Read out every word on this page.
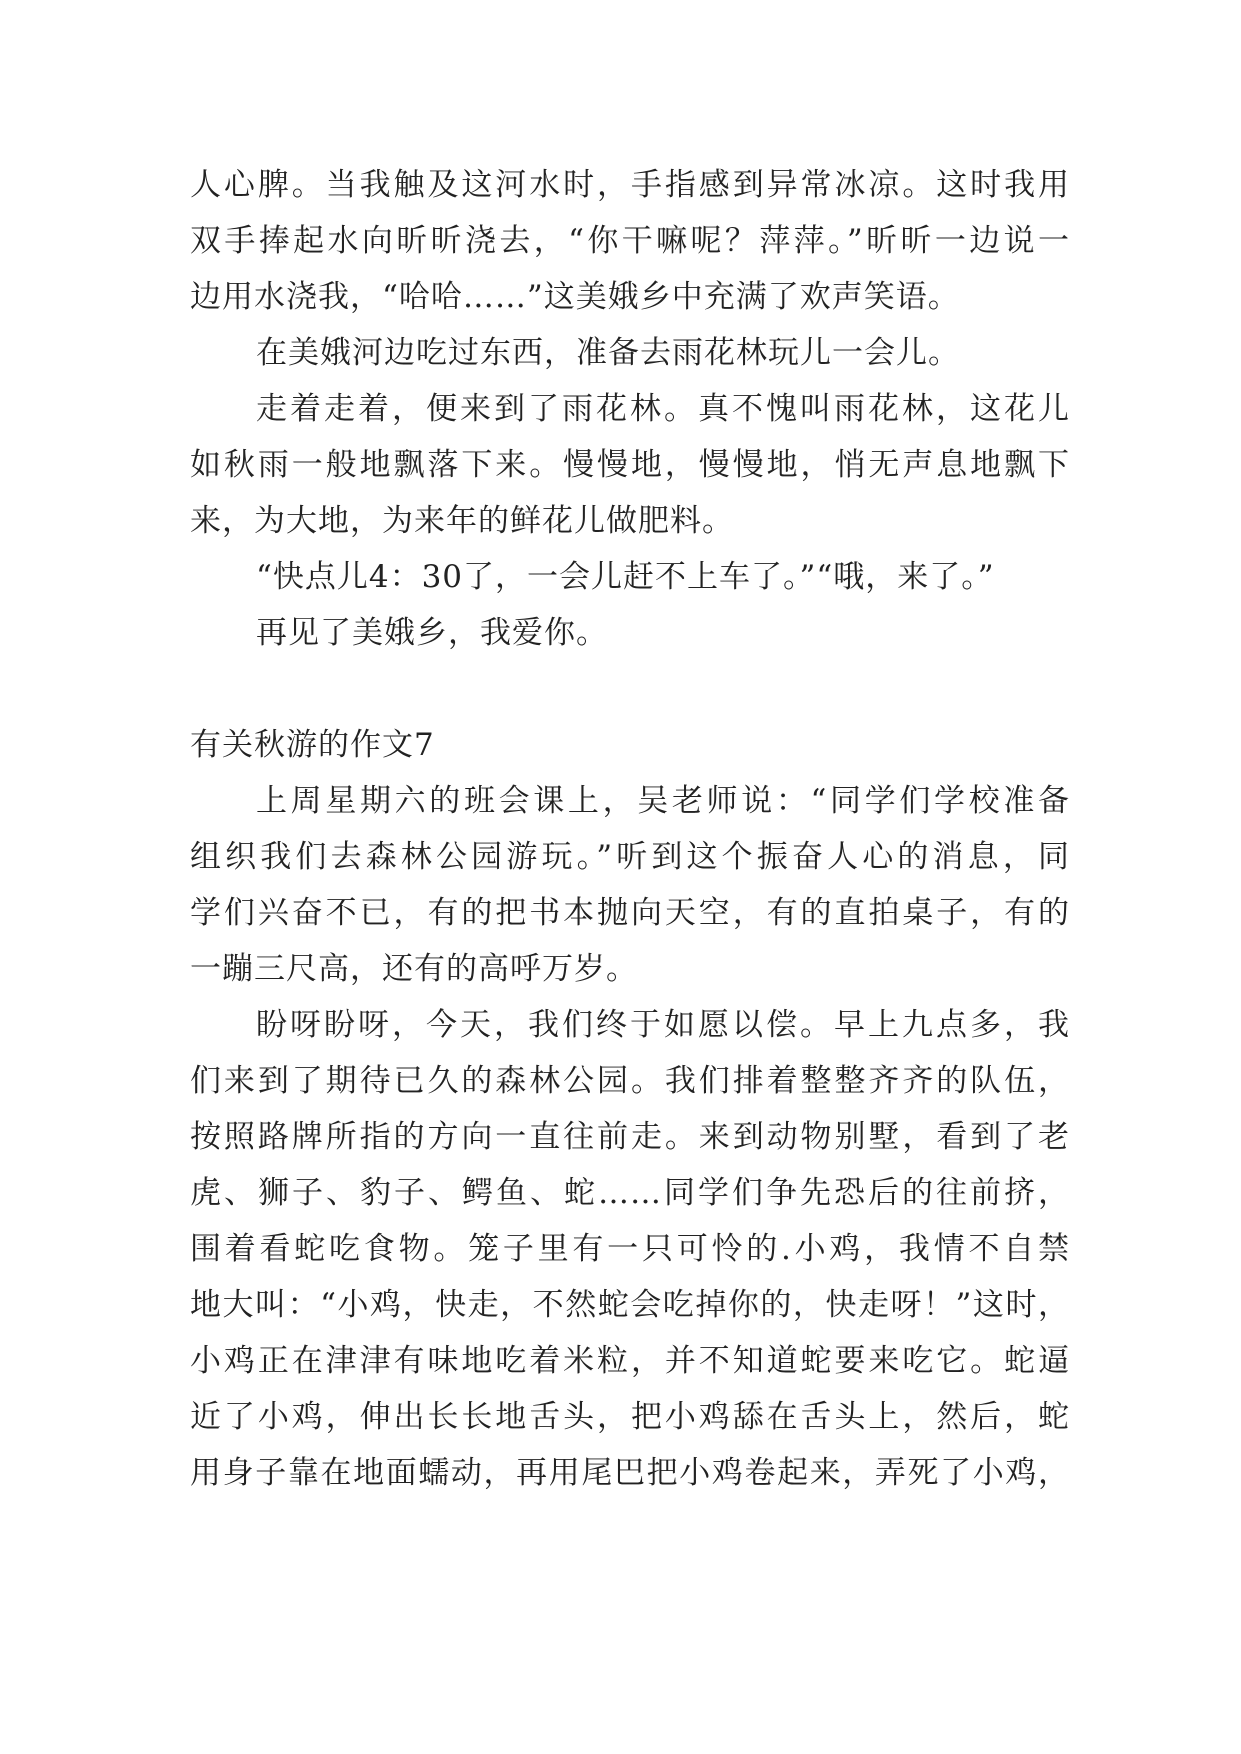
人心脾。当我触及这河水时，手指感到异常冰凉。这时我用
双手捧起水向昕昕浇去，“你干嘛呢？萍萍。”昕昕一边说一
边用水浇我，“哈哈……”这美娥乡中充满了欢声笑语。
在美娥河边吃过东西，准备去雨花林玩儿一会儿。
走着走着，便来到了雨花林。真不愧叫雨花林，这花儿
如秋雨一般地飘落下来。慢慢地，慢慢地，悄无声息地飘下
来，为大地，为来年的鲜花儿做肥料。
“快点儿4：30了，一会儿赶不上车了。”“哦，来了。”
再见了美娥乡，我爱你。
有关秋游的作文7
上周星期六的班会课上，吴老师说：“同学们学校准备
组织我们去森林公园游玩。”听到这个振奋人心的消息，同
学们兴奋不已，有的把书本抛向天空，有的直拍桌子，有的
一蹦三尺高，还有的高呼万岁。
盼呀盼呀，今天，我们终于如愿以偿。早上九点多，我
们来到了期待已久的森林公园。我们排着整整齐齐的队伍，
按照路牌所指的方向一直往前走。来到动物别墅，看到了老
虎、狮子、豹子、鳄鱼、蛇……同学们争先恐后的往前挤，
围着看蛇吃食物。笼子里有一只可怜的.小鸡，我情不自禁
地大叫：“小鸡，快走，不然蛇会吃掉你的，快走呀！”这时，
小鸡正在津津有味地吃着米粒，并不知道蛇要来吃它。蛇逼
近了小鸡，伸出长长地舌头，把小鸡舔在舌头上，然后，蛇
用身子靠在地面蠕动，再用尾巴把小鸡卷起来，弄死了小鸡，
